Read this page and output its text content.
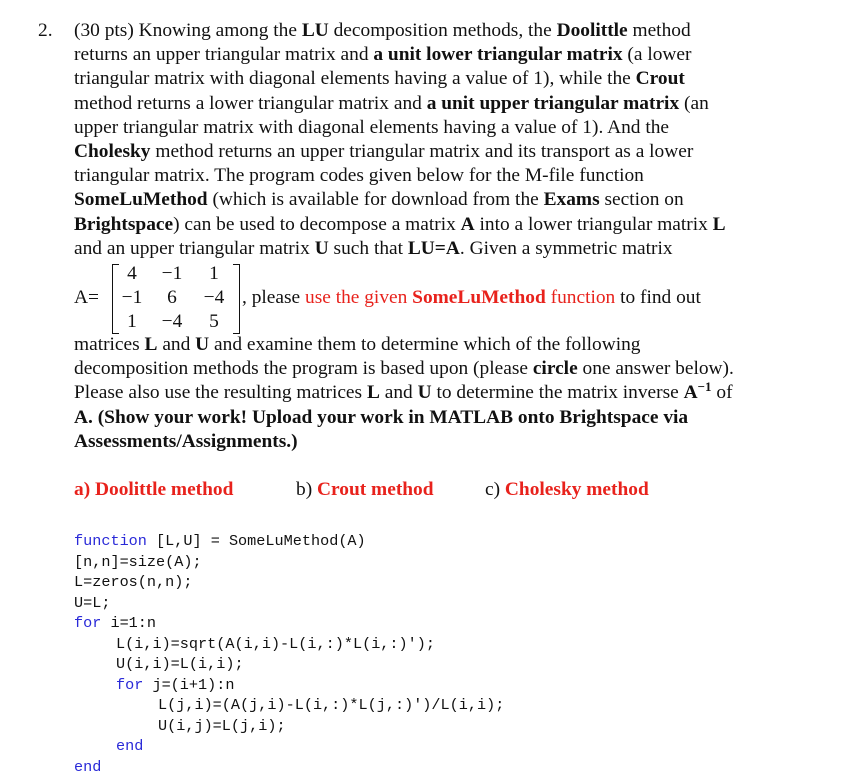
2. (30 pts) Knowing among the LU decomposition methods, the Doolittle method
returns an upper triangular matrix and a unit lower triangular matrix (a lower
triangular matrix with diagonal elements having a value of 1), while the Crout
method returns a lower triangular matrix and a unit upper triangular matrix (an
upper triangular matrix with diagonal elements having a value of 1). And the
Cholesky method returns an upper triangular matrix and its transport as a lower
triangular matrix. The program codes given below for the M-file function
SomeLuMethod (which is available for download from the Exams section on
Brightspace) can be used to decompose a matrix A into a lower triangular matrix L
and an upper triangular matrix U such that LU=A. Given a symmetric matrix
A=
4	−1	1
−1	6	−4
1	−4	5
, please use the given SomeLuMethod function to find out
matrices L and U and examine them to determine which of the following
decomposition methods the program is based upon (please circle one answer below).
Please also use the resulting matrices L and U to determine the matrix inverse $A^{-1}$ of
A. (Show your work! Upload your work in MATLAB onto Brightspace via
Assessments/Assignments.)
a) Doolittle method	b) Crout method	c) Cholesky method
function [L,U] = SomeLuMethod(A)
[n,n]=size(A);
L=zeros(n,n);
U=L;
for i=1:n
L(i,i)=sqrt(A(i,i)-L(i,:)*L(i,:)');
U(i,i)=L(i,i);
for j=(i+1):n
L(j,i)=(A(j,i)-L(i,:)*L(j,:)')/L(i,i);
U(i,j)=L(j,i);
end
end
